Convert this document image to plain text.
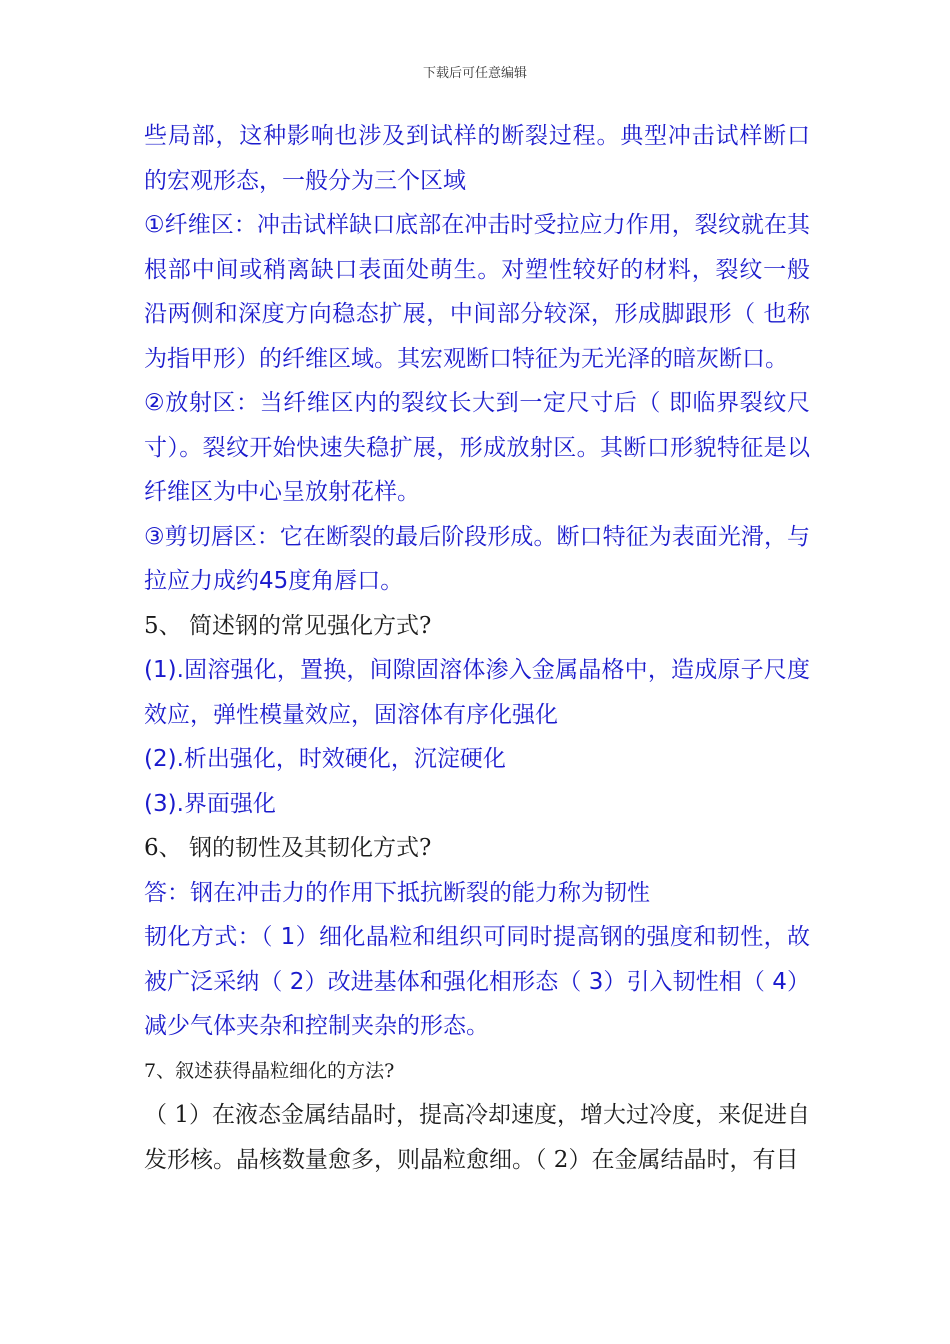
下载后可任意编辑

些局部，这种影响也涉及到试样的断裂过程。典型冲击试样断口的宏观形态，一般分为三个区域

①纤维区：冲击试样缺口底部在冲击时受拉应力作用，裂纹就在其根部中间或稍离缺口表面处萌生。对塑性较好的材料，裂纹一般沿两侧和深度方向稳态扩展，中间部分较深，形成脚跟形（ 也称为指甲形）的纤维区域。其宏观断口特征为无光泽的暗灰断口。

②放射区：当纤维区内的裂纹长大到一定尺寸后（ 即临界裂纹尺寸）。裂纹开始快速失稳扩展，形成放射区。其断口形貌特征是以纤维区为中心呈放射花样。

③剪切唇区：它在断裂的最后阶段形成。断口特征为表面光滑，与拉应力成约45度角唇口。

5、 简述钢的常见强化方式?

(1).固溶强化，置换，间隙固溶体渗入金属晶格中，造成原子尺度效应，弹性模量效应，固溶体有序化强化

(2).析出强化，时效硬化，沉淀硬化

(3).界面强化

6、 钢的韧性及其韧化方式?

答：钢在冲击力的作用下抵抗断裂的能力称为韧性

韧化方式：（ 1）细化晶粒和组织可同时提高钢的强度和韧性，故被广泛采纳（ 2）改进基体和强化相形态（ 3）引入韧性相（ 4）减少气体夹杂和控制夹杂的形态。

7、叙述获得晶粒细化的方法?

（ 1）在液态金属结晶时，提高冷却速度，增大过冷度，来促进自发形核。晶核数量愈多，则晶粒愈细。（ 2）在金属结晶时，有目
